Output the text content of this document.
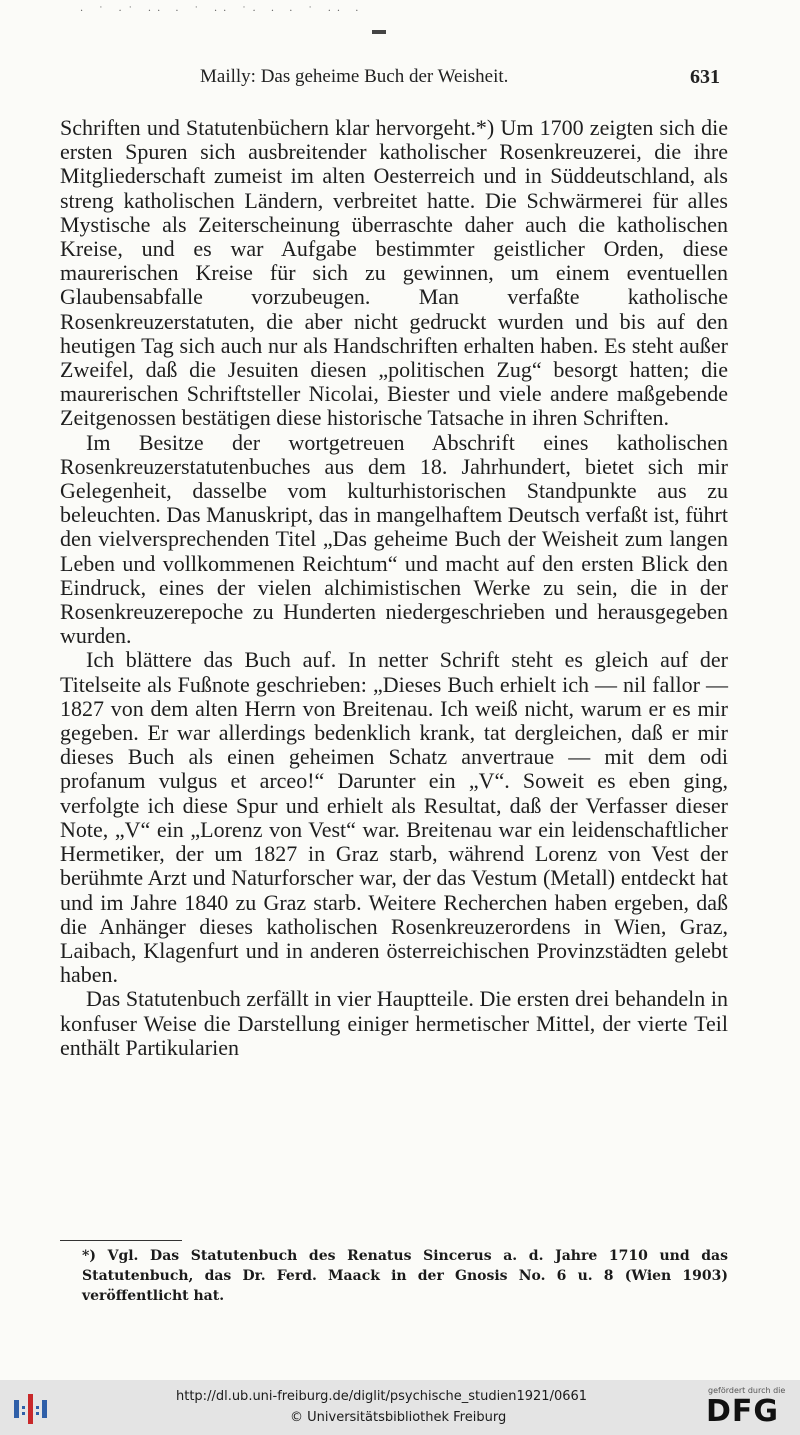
· ˙ ·˙ ·· · ˙ ·· ˙· · · ˙ ·· ·
Mailly: Das geheime Buch der Weisheit.	631

Schriften und Statutenbüchern klar hervorgeht.*) Um 1700 zeigten sich die ersten Spuren sich ausbreitender katholischer Rosenkreuzerei, die ihre Mitgliederschaft zumeist im alten Oesterreich und in Süddeutschland, als streng katholischen Ländern, verbreitet hatte. Die Schwärmerei für alles Mystische als Zeiterscheinung überraschte daher auch die katholischen Kreise, und es war Aufgabe bestimmter geistlicher Orden, diese maurerischen Kreise für sich zu gewinnen, um einem eventuellen Glaubensabfalle vorzubeugen. Man verfaßte katholische Rosenkreuzerstatuten, die aber nicht gedruckt wurden und bis auf den heutigen Tag sich auch nur als Handschriften erhalten haben. Es steht außer Zweifel, daß die Jesuiten diesen „politischen Zug“ besorgt hatten; die maurerischen Schriftsteller Nicolai, Biester und viele andere maßgebende Zeitgenossen bestätigen diese historische Tatsache in ihren Schriften.

Im Besitze der wortgetreuen Abschrift eines katholischen Rosenkreuzerstatutenbuches aus dem 18. Jahrhundert, bietet sich mir Gelegenheit, dasselbe vom kulturhistorischen Standpunkte aus zu beleuchten. Das Manuskript, das in mangelhaftem Deutsch verfaßt ist, führt den vielversprechenden Titel „Das geheime Buch der Weisheit zum langen Leben und vollkommenen Reichtum“ und macht auf den ersten Blick den Eindruck, eines der vielen alchimistischen Werke zu sein, die in der Rosenkreuzerepoche zu Hunderten niedergeschrieben und herausgegeben wurden.

Ich blättere das Buch auf. In netter Schrift steht es gleich auf der Titelseite als Fußnote geschrieben: „Dieses Buch erhielt ich — nil fallor — 1827 von dem alten Herrn von Breitenau. Ich weiß nicht, warum er es mir gegeben. Er war allerdings bedenklich krank, tat dergleichen, daß er mir dieses Buch als einen geheimen Schatz anvertraue — mit dem odi profanum vulgus et arceo!“ Darunter ein „V“. Soweit es eben ging, verfolgte ich diese Spur und erhielt als Resultat, daß der Verfasser dieser Note, „V“ ein „Lorenz von Vest“ war. Breitenau war ein leidenschaftlicher Hermetiker, der um 1827 in Graz starb, während Lorenz von Vest der berühmte Arzt und Naturforscher war, der das Vestum (Metall) entdeckt hat und im Jahre 1840 zu Graz starb. Weitere Recherchen haben ergeben, daß die Anhänger dieses katholischen Rosenkreuzerordens in Wien, Graz, Laibach, Klagenfurt und in anderen österreichischen Provinzstädten gelebt haben.

Das Statutenbuch zerfällt in vier Hauptteile. Die ersten drei behandeln in konfuser Weise die Darstellung einiger hermetischer Mittel, der vierte Teil enthält Partikularien

*) Vgl. Das Statutenbuch des Renatus Sincerus a. d. Jahre 1710 und das Statutenbuch, das Dr. Ferd. Maack in der Gnosis No. 6 u. 8 (Wien 1903) veröffentlicht hat.
http://dl.ub.uni-freiburg.de/diglit/psychische_studien1921/0661
© Universitätsbibliothek Freiburg
gefördert durch die
DFG
